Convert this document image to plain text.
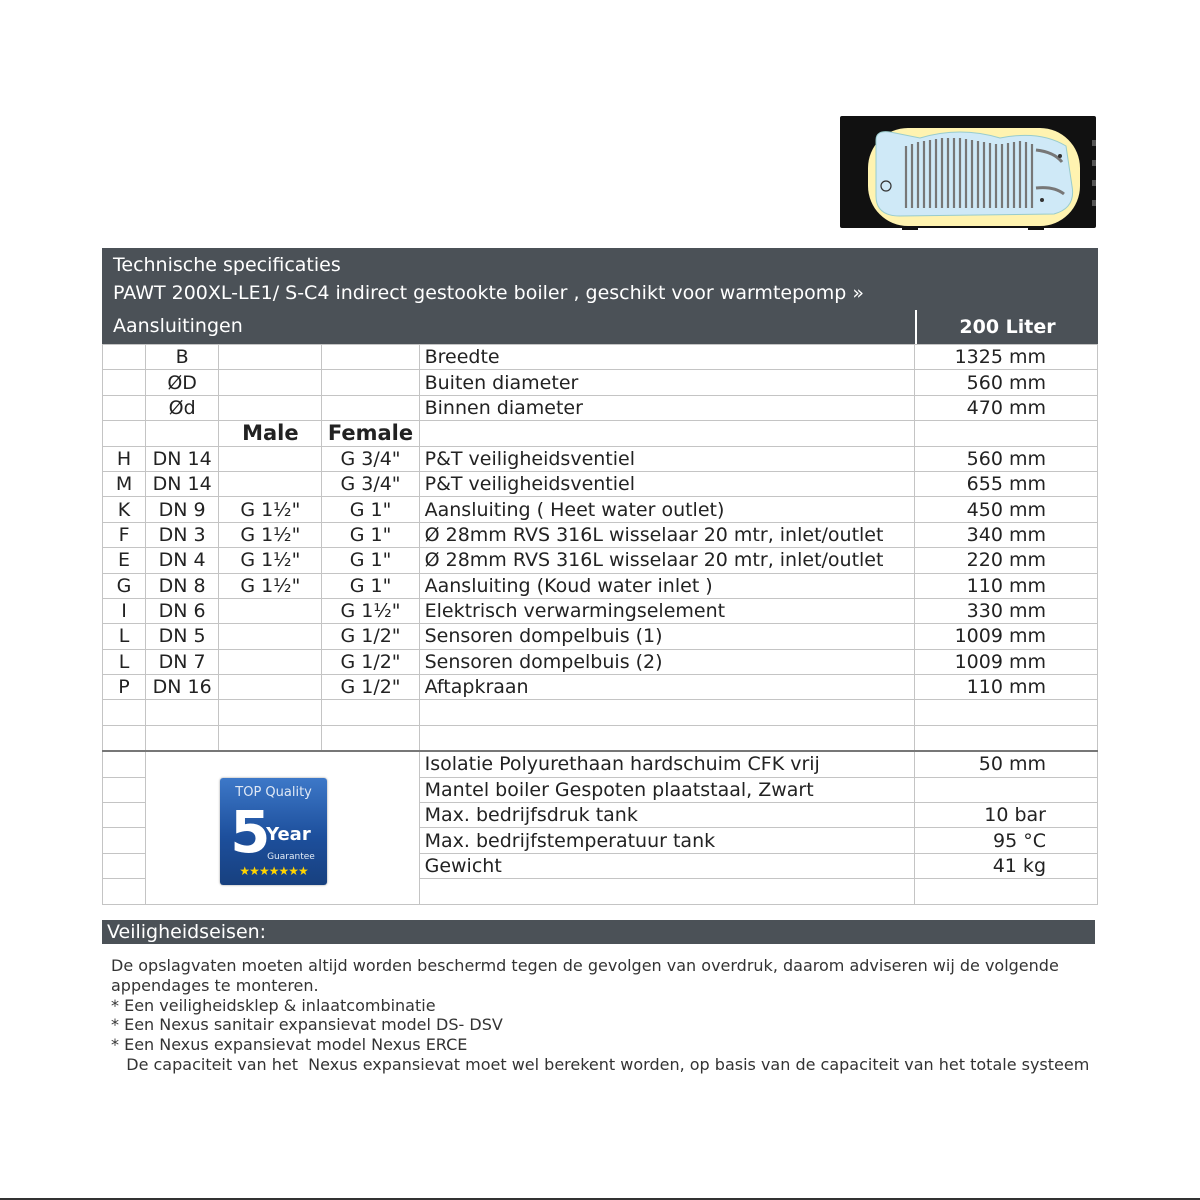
Technische specificaties
PAWT 200XL-LE1/ S-C4 indirect gestookte boiler , geschikt voor warmtepomp »
Aansluitingen	200 Liter
	B			Breedte	1325 mm
	ØD			Buiten diameter	560 mm
	Ød			Binnen diameter	470 mm
		Male	Female		
H	DN 14		G 3/4"	P&T veiligheidsventiel	560 mm
M	DN 14		G 3/4"	P&T veiligheidsventiel	655 mm
K	DN 9	G 1½"	G 1"	Aansluiting ( Heet water outlet)	450 mm
F	DN 3	G 1½"	G 1"	Ø 28mm RVS 316L wisselaar 20 mtr, inlet/outlet	340 mm
E	DN 4	G 1½"	G 1"	Ø 28mm RVS 316L wisselaar 20 mtr, inlet/outlet	220 mm
G	DN 8	G 1½"	G 1"	Aansluiting (Koud water inlet )	110 mm
I	DN 6		G 1½"	Elektrisch verwarmingselement	330 mm
L	DN 5		G 1/2"	Sensoren dompelbuis (1)	1009 mm
L	DN 7		G 1/2"	Sensoren dompelbuis (2)	1009 mm
P	DN 16		G 1/2"	Aftapkraan	110 mm

	TOP Quality
5
Year
Guarantee
★★★★★★★			Isolatie Polyurethaan hardschuim CFK vrij	50 mm
				Mantel boiler Gespoten plaatstaal, Zwart	
				Max. bedrijfsdruk tank	10 bar
				Max. bedrijfstemperatuur tank	95 °C
				Gewicht	41 kg

Veiligheidseisen:
De opslagvaten moeten altijd worden beschermd tegen de gevolgen van overdruk, daarom adviseren wij de volgende
appendages te monteren.
* Een veiligheidsklep & inlaatcombinatie
* Een Nexus sanitair expansievat model DS- DSV
* Een Nexus expansievat model Nexus ERCE
De capaciteit van het  Nexus expansievat moet wel berekent worden, op basis van de capaciteit van het totale systeem
